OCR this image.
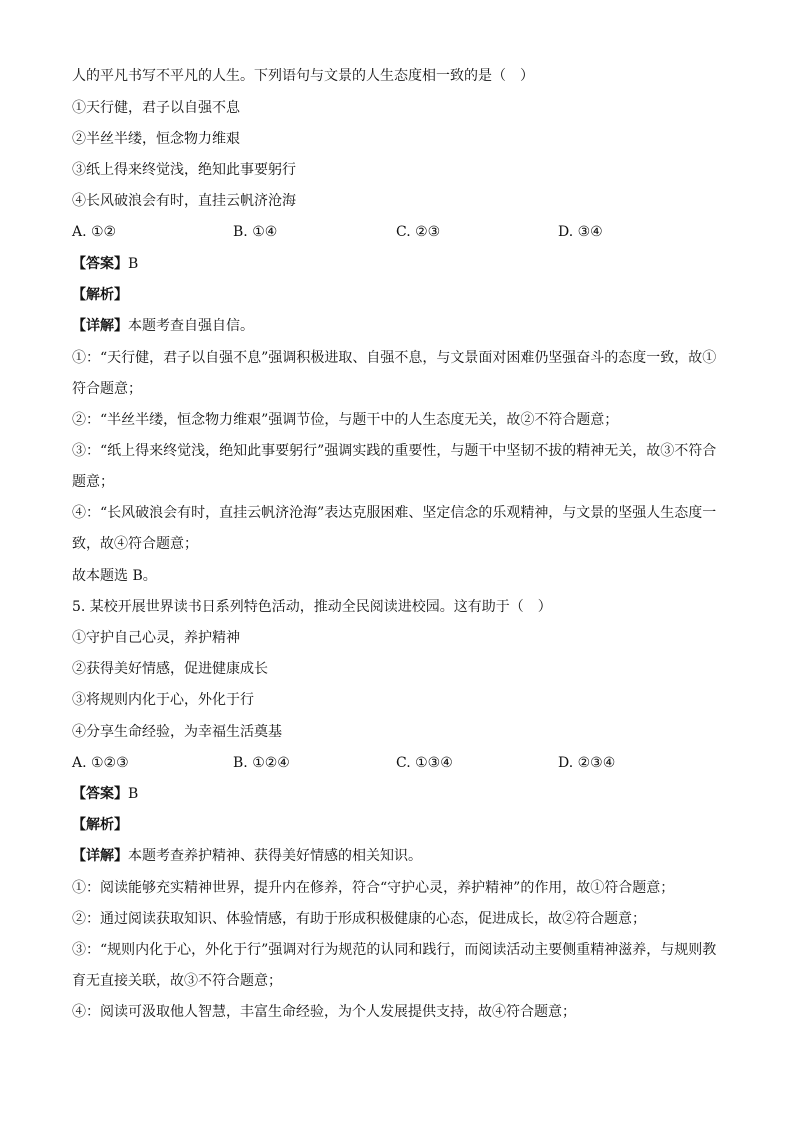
人的平凡书写不平凡的人生。下列语句与文景的人生态度相一致的是（　）
①天行健，君子以自强不息
②半丝半缕，恒念物力维艰
③纸上得来终觉浅，绝知此事要躬行
④长风破浪会有时，直挂云帆济沧海
A. ①②	B. ①④	C. ②③	D. ③④
【答案】B
【解析】
【详解】本题考查自强自信。
①：“天行健，君子以自强不息”强调积极进取、自强不息，与文景面对困难仍坚强奋斗的态度一致，故①
符合题意；
②：“半丝半缕，恒念物力维艰”强调节俭，与题干中的人生态度无关，故②不符合题意；
③：“纸上得来终觉浅，绝知此事要躬行”强调实践的重要性，与题干中坚韧不拔的精神无关，故③不符合
题意；
④：“长风破浪会有时，直挂云帆济沧海”表达克服困难、坚定信念的乐观精神，与文景的坚强人生态度一
致，故④符合题意；
故本题选 B。
5. 某校开展世界读书日系列特色活动，推动全民阅读进校园。这有助于（　）
①守护自己心灵，养护精神
②获得美好情感，促进健康成长
③将规则内化于心，外化于行
④分享生命经验，为幸福生活奠基
A. ①②③	B. ①②④	C. ①③④	D. ②③④
【答案】B
【解析】
【详解】本题考查养护精神、获得美好情感的相关知识。
①：阅读能够充实精神世界，提升内在修养，符合“守护心灵，养护精神”的作用，故①符合题意；
②：通过阅读获取知识、体验情感，有助于形成积极健康的心态，促进成长，故②符合题意；
③：“规则内化于心，外化于行”强调对行为规范的认同和践行，而阅读活动主要侧重精神滋养，与规则教
育无直接关联，故③不符合题意；
④：阅读可汲取他人智慧，丰富生命经验，为个人发展提供支持，故④符合题意；
